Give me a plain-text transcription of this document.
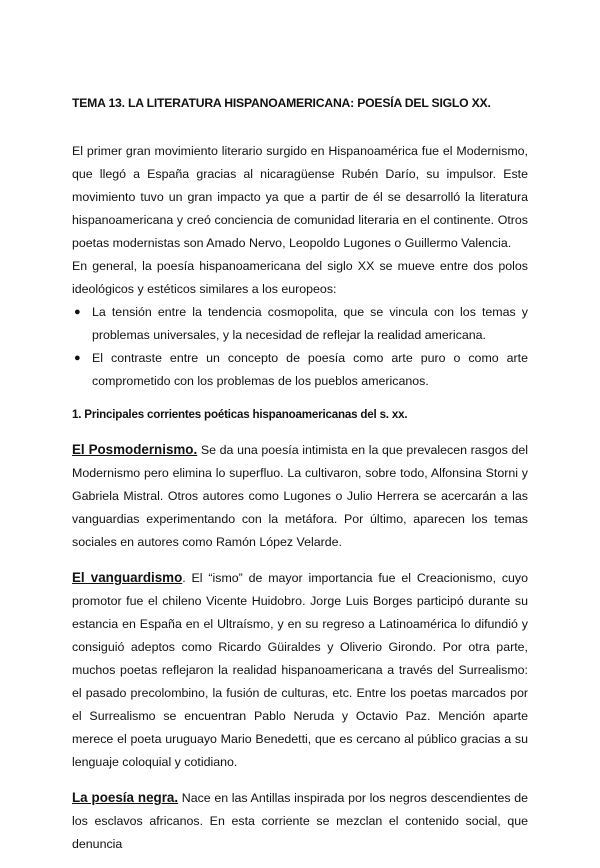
TEMA 13. LA LITERATURA HISPANOAMERICANA: POESÍA DEL SIGLO XX.

El primer gran movimiento literario surgido en Hispanoamérica fue el Modernismo, que llegó a España gracias al nicaragüense Rubén Darío, su impulsor. Este movimiento tuvo un gran impacto ya que a partir de él se desarrolló la literatura hispanoamericana y creó conciencia de comunidad literaria en el continente. Otros poetas modernistas son Amado Nervo, Leopoldo Lugones o Guillermo Valencia.

En general, la poesía hispanoamericana del siglo XX se mueve entre dos polos ideológicos y estéticos similares a los europeos:

● La tensión entre la tendencia cosmopolita, que se vincula con los temas y problemas universales, y la necesidad de reflejar la realidad americana.
● El contraste entre un concepto de poesía como arte puro o como arte comprometido con los problemas de los pueblos americanos.
1. Principales corrientes poéticas hispanoamericanas del s. xx.

El Posmodernismo. Se da una poesía intimista en la que prevalecen rasgos del Modernismo pero elimina lo superfluo. La cultivaron, sobre todo, Alfonsina Storni y Gabriela Mistral. Otros autores como Lugones o Julio Herrera se acercarán a las vanguardias experimentando con la metáfora. Por último, aparecen los temas sociales en autores como Ramón López Velarde.

El vanguardismo. El “ismo” de mayor importancia fue el Creacionismo, cuyo promotor fue el chileno Vicente Huidobro. Jorge Luis Borges participó durante su estancia en España en el Ultraísmo, y en su regreso a Latinoamérica lo difundió y consiguió adeptos como Ricardo Güiraldes y Oliverio Girondo. Por otra parte, muchos poetas reflejaron la realidad hispanoamericana a través del Surrealismo: el pasado precolombino, la fusión de culturas, etc. Entre los poetas marcados por el Surrealismo se encuentran Pablo Neruda y Octavio Paz. Mención aparte merece el poeta uruguayo Mario Benedetti, que es cercano al público gracias a su lenguaje coloquial y cotidiano.

La poesía negra. Nace en las Antillas inspirada por los negros descendientes de los esclavos africanos. En esta corriente se mezclan el contenido social, que denuncia
